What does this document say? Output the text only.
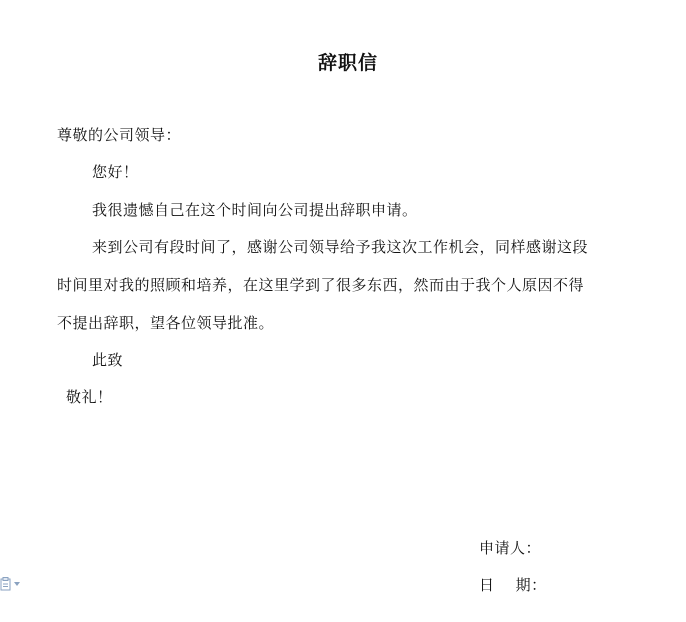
辞职信
尊敬的公司领导：
您好！
我很遗憾自己在这个时间向公司提出辞职申请。
来到公司有段时间了，感谢公司领导给予我这次工作机会，同样感谢这段
时间里对我的照顾和培养，在这里学到了很多东西，然而由于我个人原因不得
不提出辞职，望各位领导批准。
此致
敬礼！
申请人：
日    期：
